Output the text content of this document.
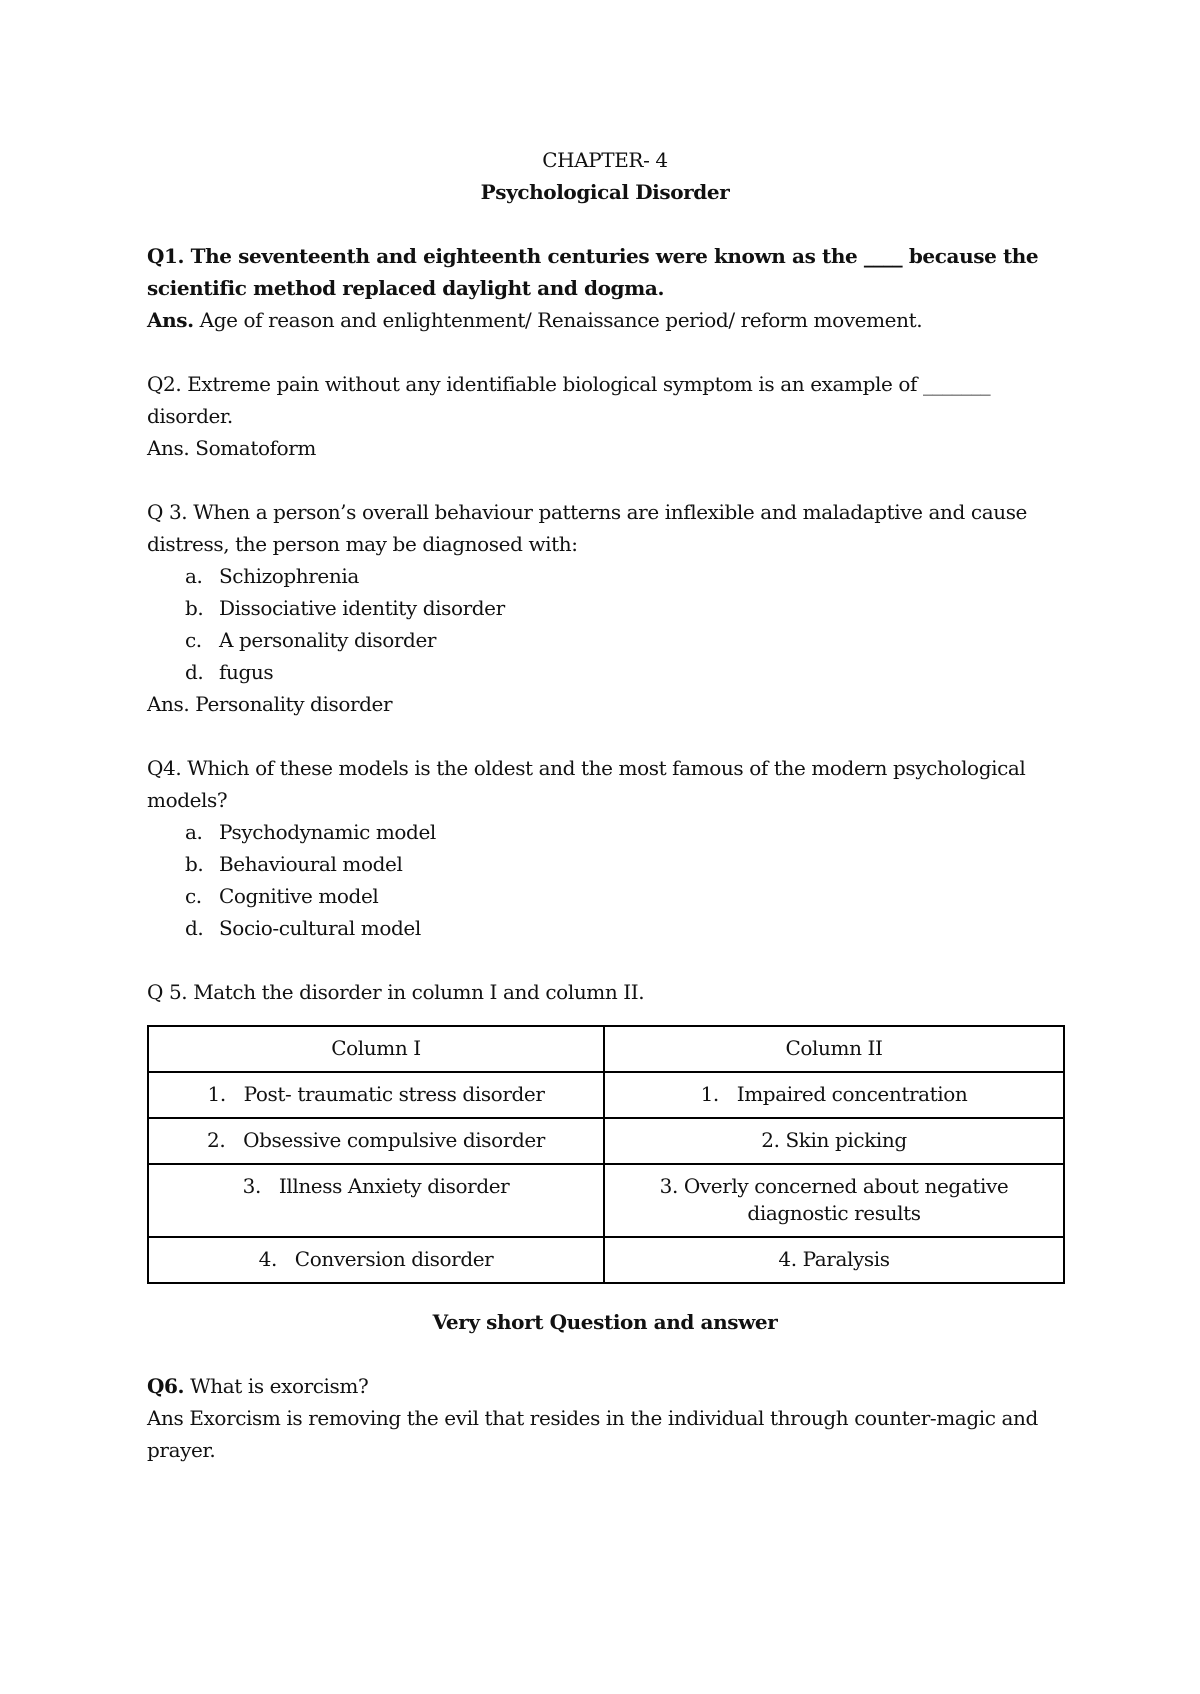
CHAPTER- 4
Psychological Disorder
Q1. The seventeenth and eighteenth centuries were known as the ____ because the scientific method replaced daylight and dogma.
Ans. Age of reason and enlightenment/ Renaissance period/ reform movement.
Q2. Extreme pain without any identifiable biological symptom is an example of _______ disorder.
Ans. Somatoform
Q 3. When a person’s overall behaviour patterns are inflexible and maladaptive and cause distress, the person may be diagnosed with:
a. Schizophrenia
b. Dissociative identity disorder
c. A personality disorder
d. fugus
Ans. Personality disorder
Q4. Which of these models is the oldest and the most famous of the modern psychological models?
a. Psychodynamic model
b. Behavioural model
c. Cognitive model
d. Socio-cultural model
Q 5. Match the disorder in column I and column II.
Column I	Column II
1.   Post- traumatic stress disorder	1.   Impaired concentration
2.   Obsessive compulsive disorder	2. Skin picking
3.   Illness Anxiety disorder	3. Overly concerned about negative diagnostic results
4.   Conversion disorder	4. Paralysis
Very short Question and answer
Q6. What is exorcism?
Ans Exorcism is removing the evil that resides in the individual through counter-magic and prayer.
